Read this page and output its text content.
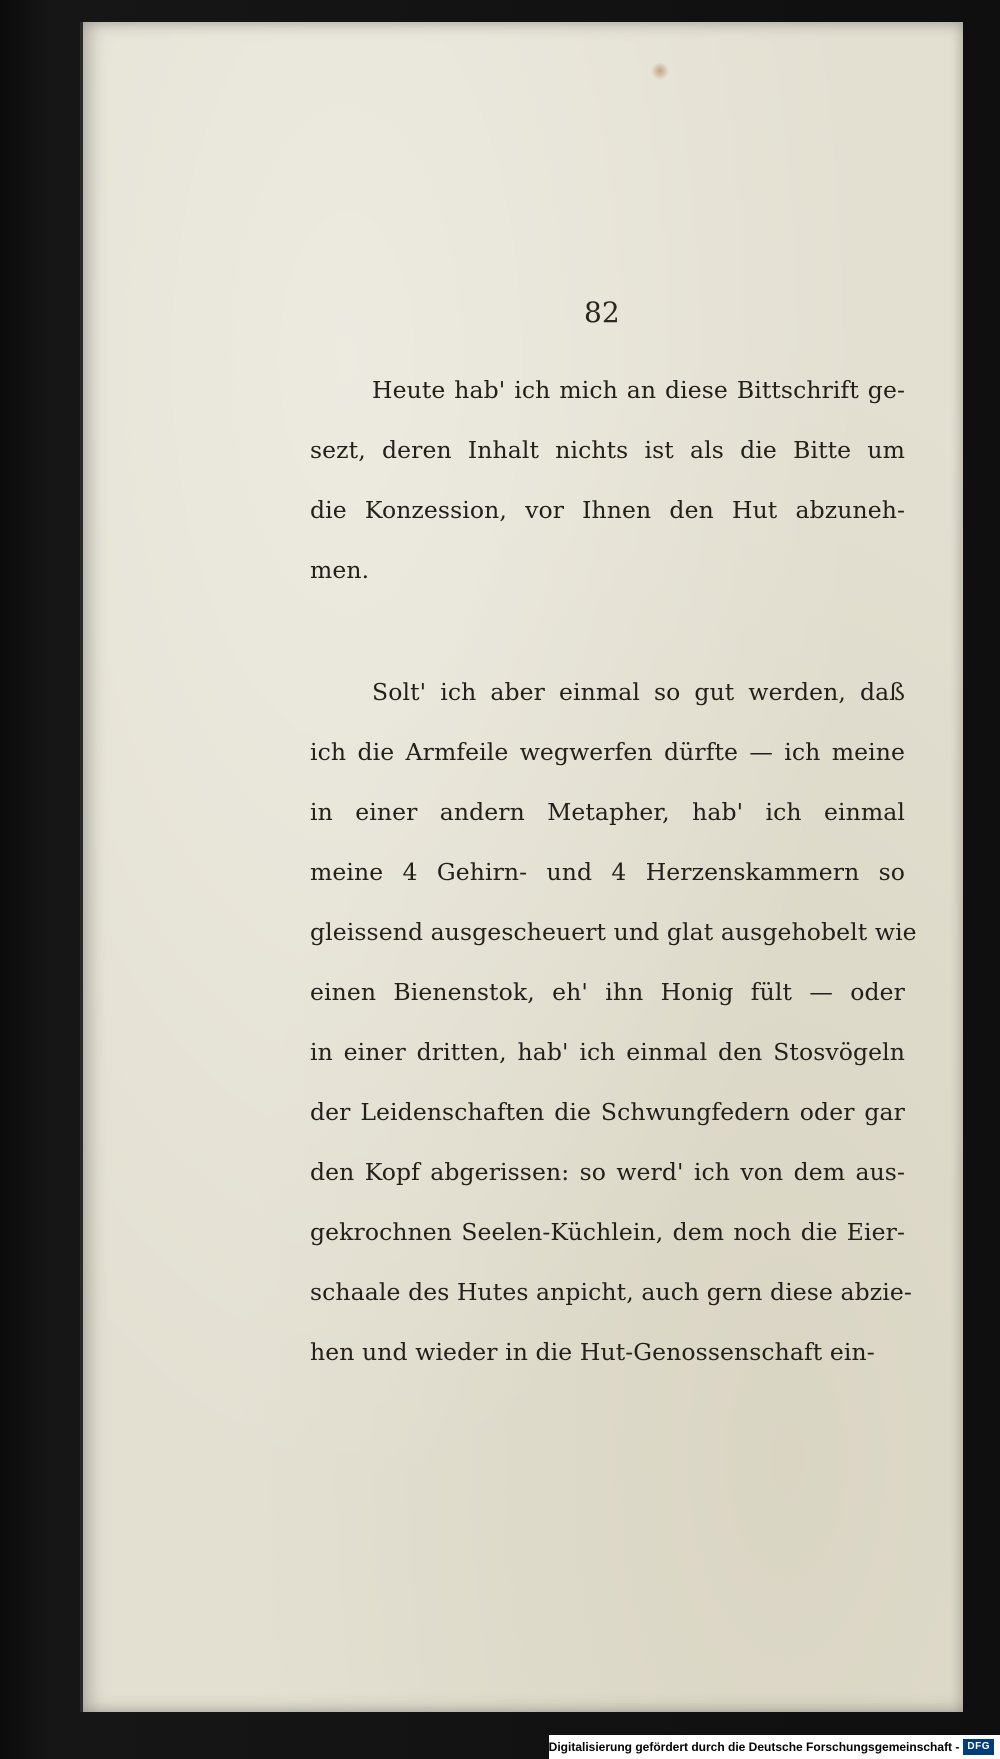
82

Heute hab' ich mich an diese Bittschrift ge-
sezt, deren Inhalt nichts ist als die Bitte um
die Konzession, vor Ihnen den Hut abzuneh-
men.

Solt' ich aber einmal so gut werden, daß
ich die Armfeile wegwerfen dürfte — ich meine
in einer andern Metapher, hab' ich einmal
meine 4 Gehirn- und 4 Herzenskammern so
gleissend ausgescheuert und glat ausgehobelt wie
einen Bienenstok, eh' ihn Honig fült — oder
in einer dritten, hab' ich einmal den Stosvögeln
der Leidenschaften die Schwungfedern oder gar
den Kopf abgerissen: so werd' ich von dem aus-
gekrochnen Seelen-Küchlein, dem noch die Eier-
schaale des Hutes anpicht, auch gern diese abzie-
hen und wieder in die Hut-Genossenschaft ein-

Digitalisierung gefördert durch die Deutsche Forschungsgemeinschaft - DFG
